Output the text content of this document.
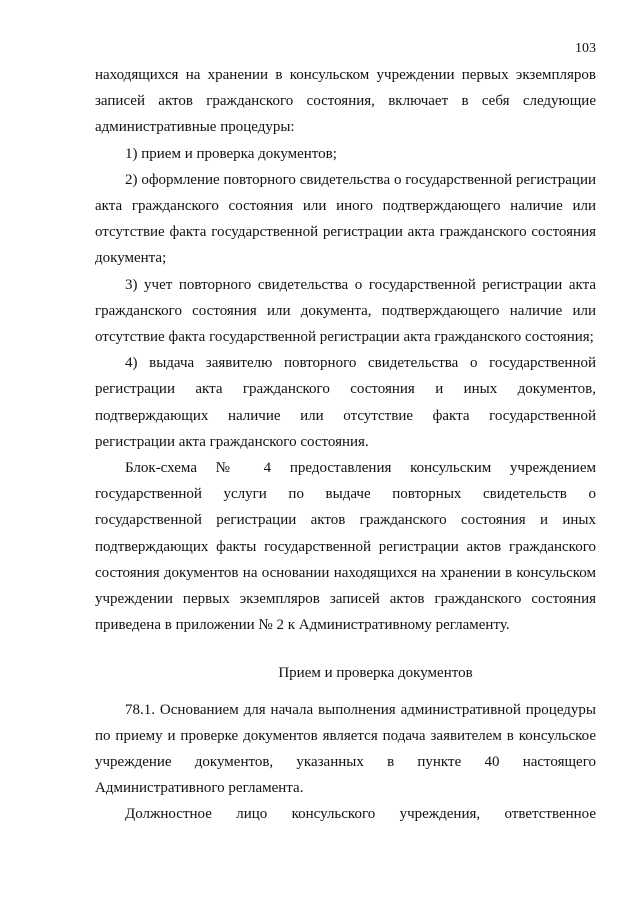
103

находящихся на хранении в консульском учреждении первых экземпляров записей актов гражданского состояния, включает в себя следующие административные процедуры:

1) прием и проверка документов;

2) оформление повторного свидетельства о государственной регистрации акта гражданского состояния или иного подтверждающего наличие или отсутствие факта государственной регистрации акта гражданского состояния документа;

3) учет повторного свидетельства о государственной регистрации акта гражданского состояния или документа, подтверждающего наличие или отсутствие факта государственной регистрации акта гражданского состояния;

4) выдача заявителю повторного свидетельства о государственной регистрации акта гражданского состояния и иных документов, подтверждающих наличие или отсутствие факта государственной регистрации акта гражданского состояния.

Блок-схема № 4 предоставления консульским учреждением государственной услуги по выдаче повторных свидетельств о государственной регистрации актов гражданского состояния и иных подтверждающих факты государственной регистрации актов гражданского состояния документов на основании находящихся на хранении в консульском учреждении первых экземпляров записей актов гражданского состояния приведена в приложении № 2 к Административному регламенту.

Прием и проверка документов

78.1. Основанием для начала выполнения административной процедуры по приему и проверке документов является подача заявителем в консульское учреждение документов, указанных в пункте 40 настоящего Административного регламента.

Должностное лицо консульского учреждения, ответственное
